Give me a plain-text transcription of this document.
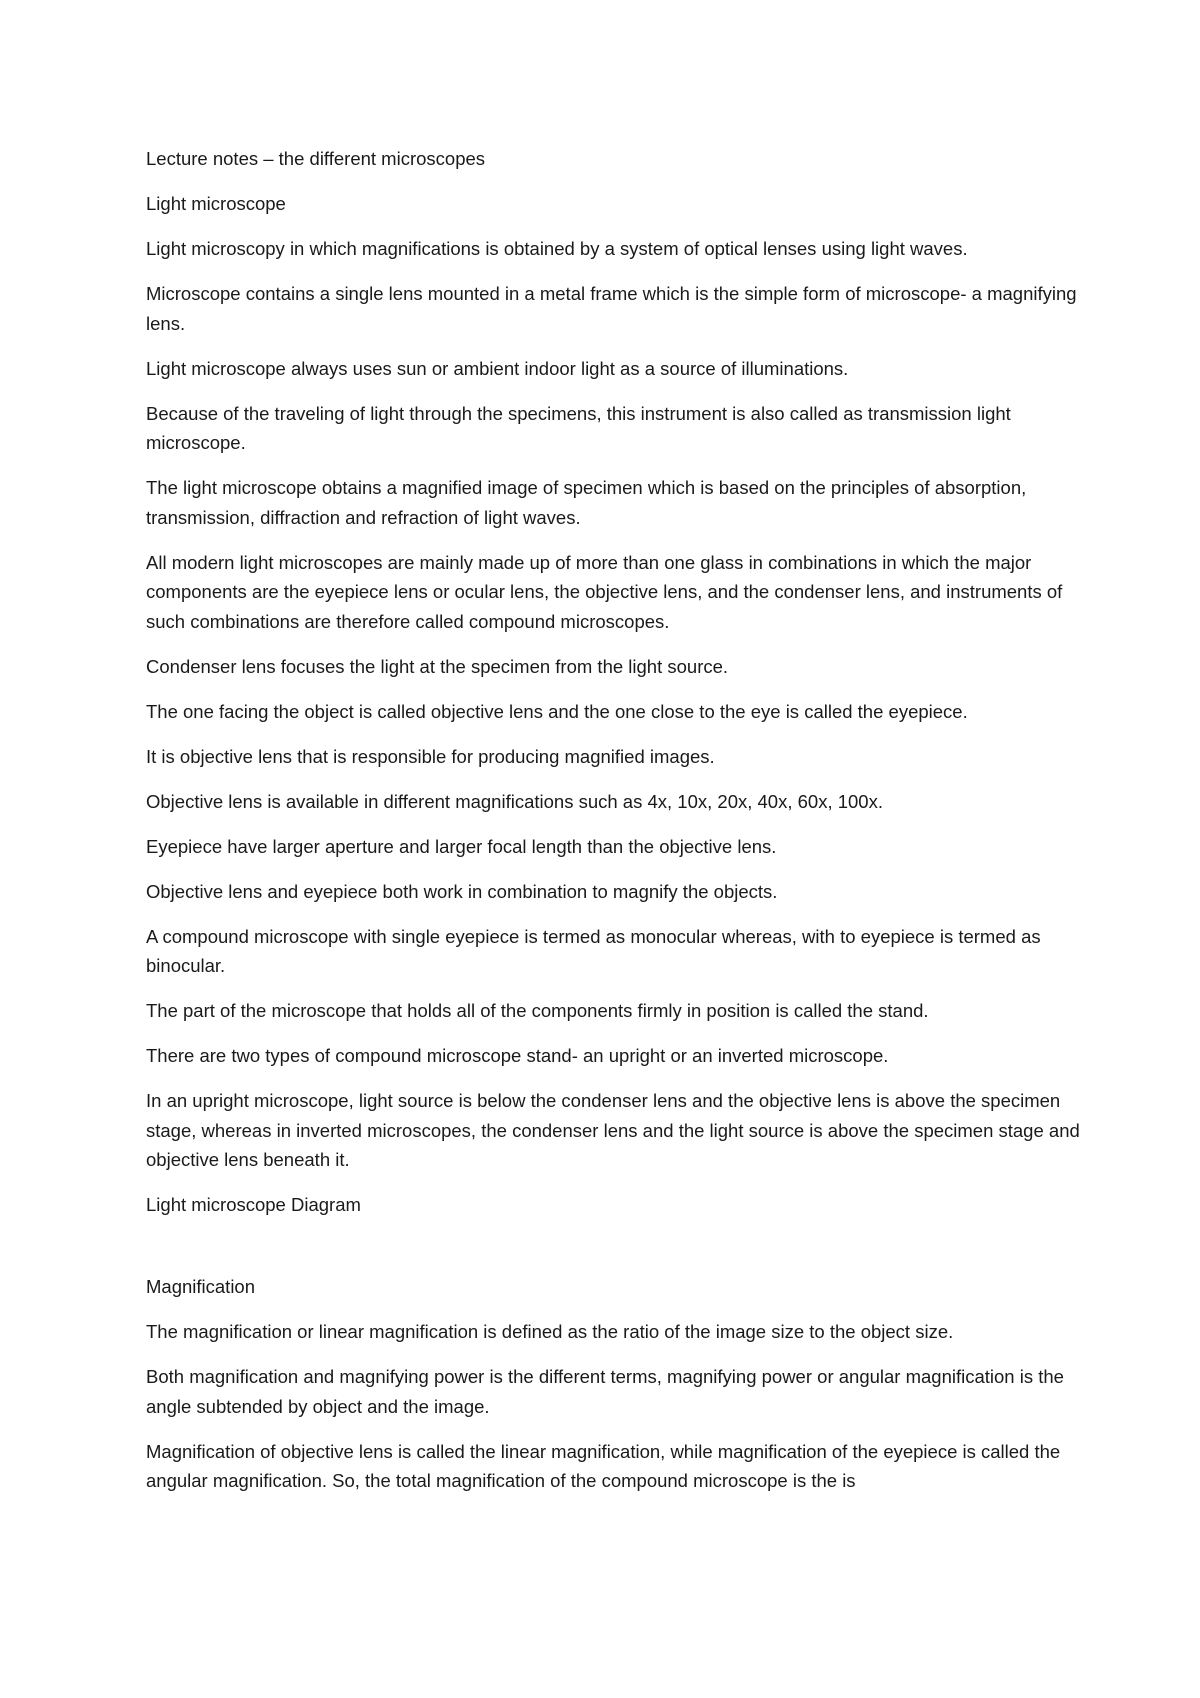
Lecture notes – the different microscopes

Light microscope

Light microscopy in which magnifications is obtained by a system of optical lenses using light waves.

Microscope contains a single lens mounted in a metal frame which is the simple form of microscope- a magnifying lens.

Light microscope always uses sun or ambient indoor light as a source of illuminations.

Because of the traveling of light through the specimens, this instrument is also called as transmission light microscope.

The light microscope obtains a magnified image of specimen which is based on the principles of absorption, transmission, diffraction and refraction of light waves.

All modern light microscopes are mainly made up of more than one glass in combinations in which the major components are the eyepiece lens or ocular lens, the objective lens, and the condenser lens, and instruments of such combinations are therefore called compound microscopes.

Condenser lens focuses the light at the specimen from the light source.

The one facing the object is called objective lens and the one close to the eye is called the eyepiece.

It is objective lens that is responsible for producing magnified images.

Objective lens is available in different magnifications such as 4x, 10x, 20x, 40x, 60x, 100x.

Eyepiece have larger aperture and larger focal length than the objective lens.

Objective lens and eyepiece both work in combination to magnify the objects.

A compound microscope with single eyepiece is termed as monocular whereas, with to eyepiece is termed as binocular.

The part of the microscope that holds all of the components firmly in position is called the stand.

There are two types of compound microscope stand- an upright or an inverted microscope.

In an upright microscope, light source is below the condenser lens and the objective lens is above the specimen stage, whereas in inverted microscopes, the condenser lens and the light source is above the specimen stage and objective lens beneath it.

Light microscope Diagram

Magnification

The magnification or linear magnification is defined as the ratio of the image size to the object size.

Both magnification and magnifying power is the different terms, magnifying power or angular magnification is the angle subtended by object and the image.

Magnification of objective lens is called the linear magnification, while magnification of the eyepiece is called the angular magnification. So, the total magnification of the compound microscope is the is
